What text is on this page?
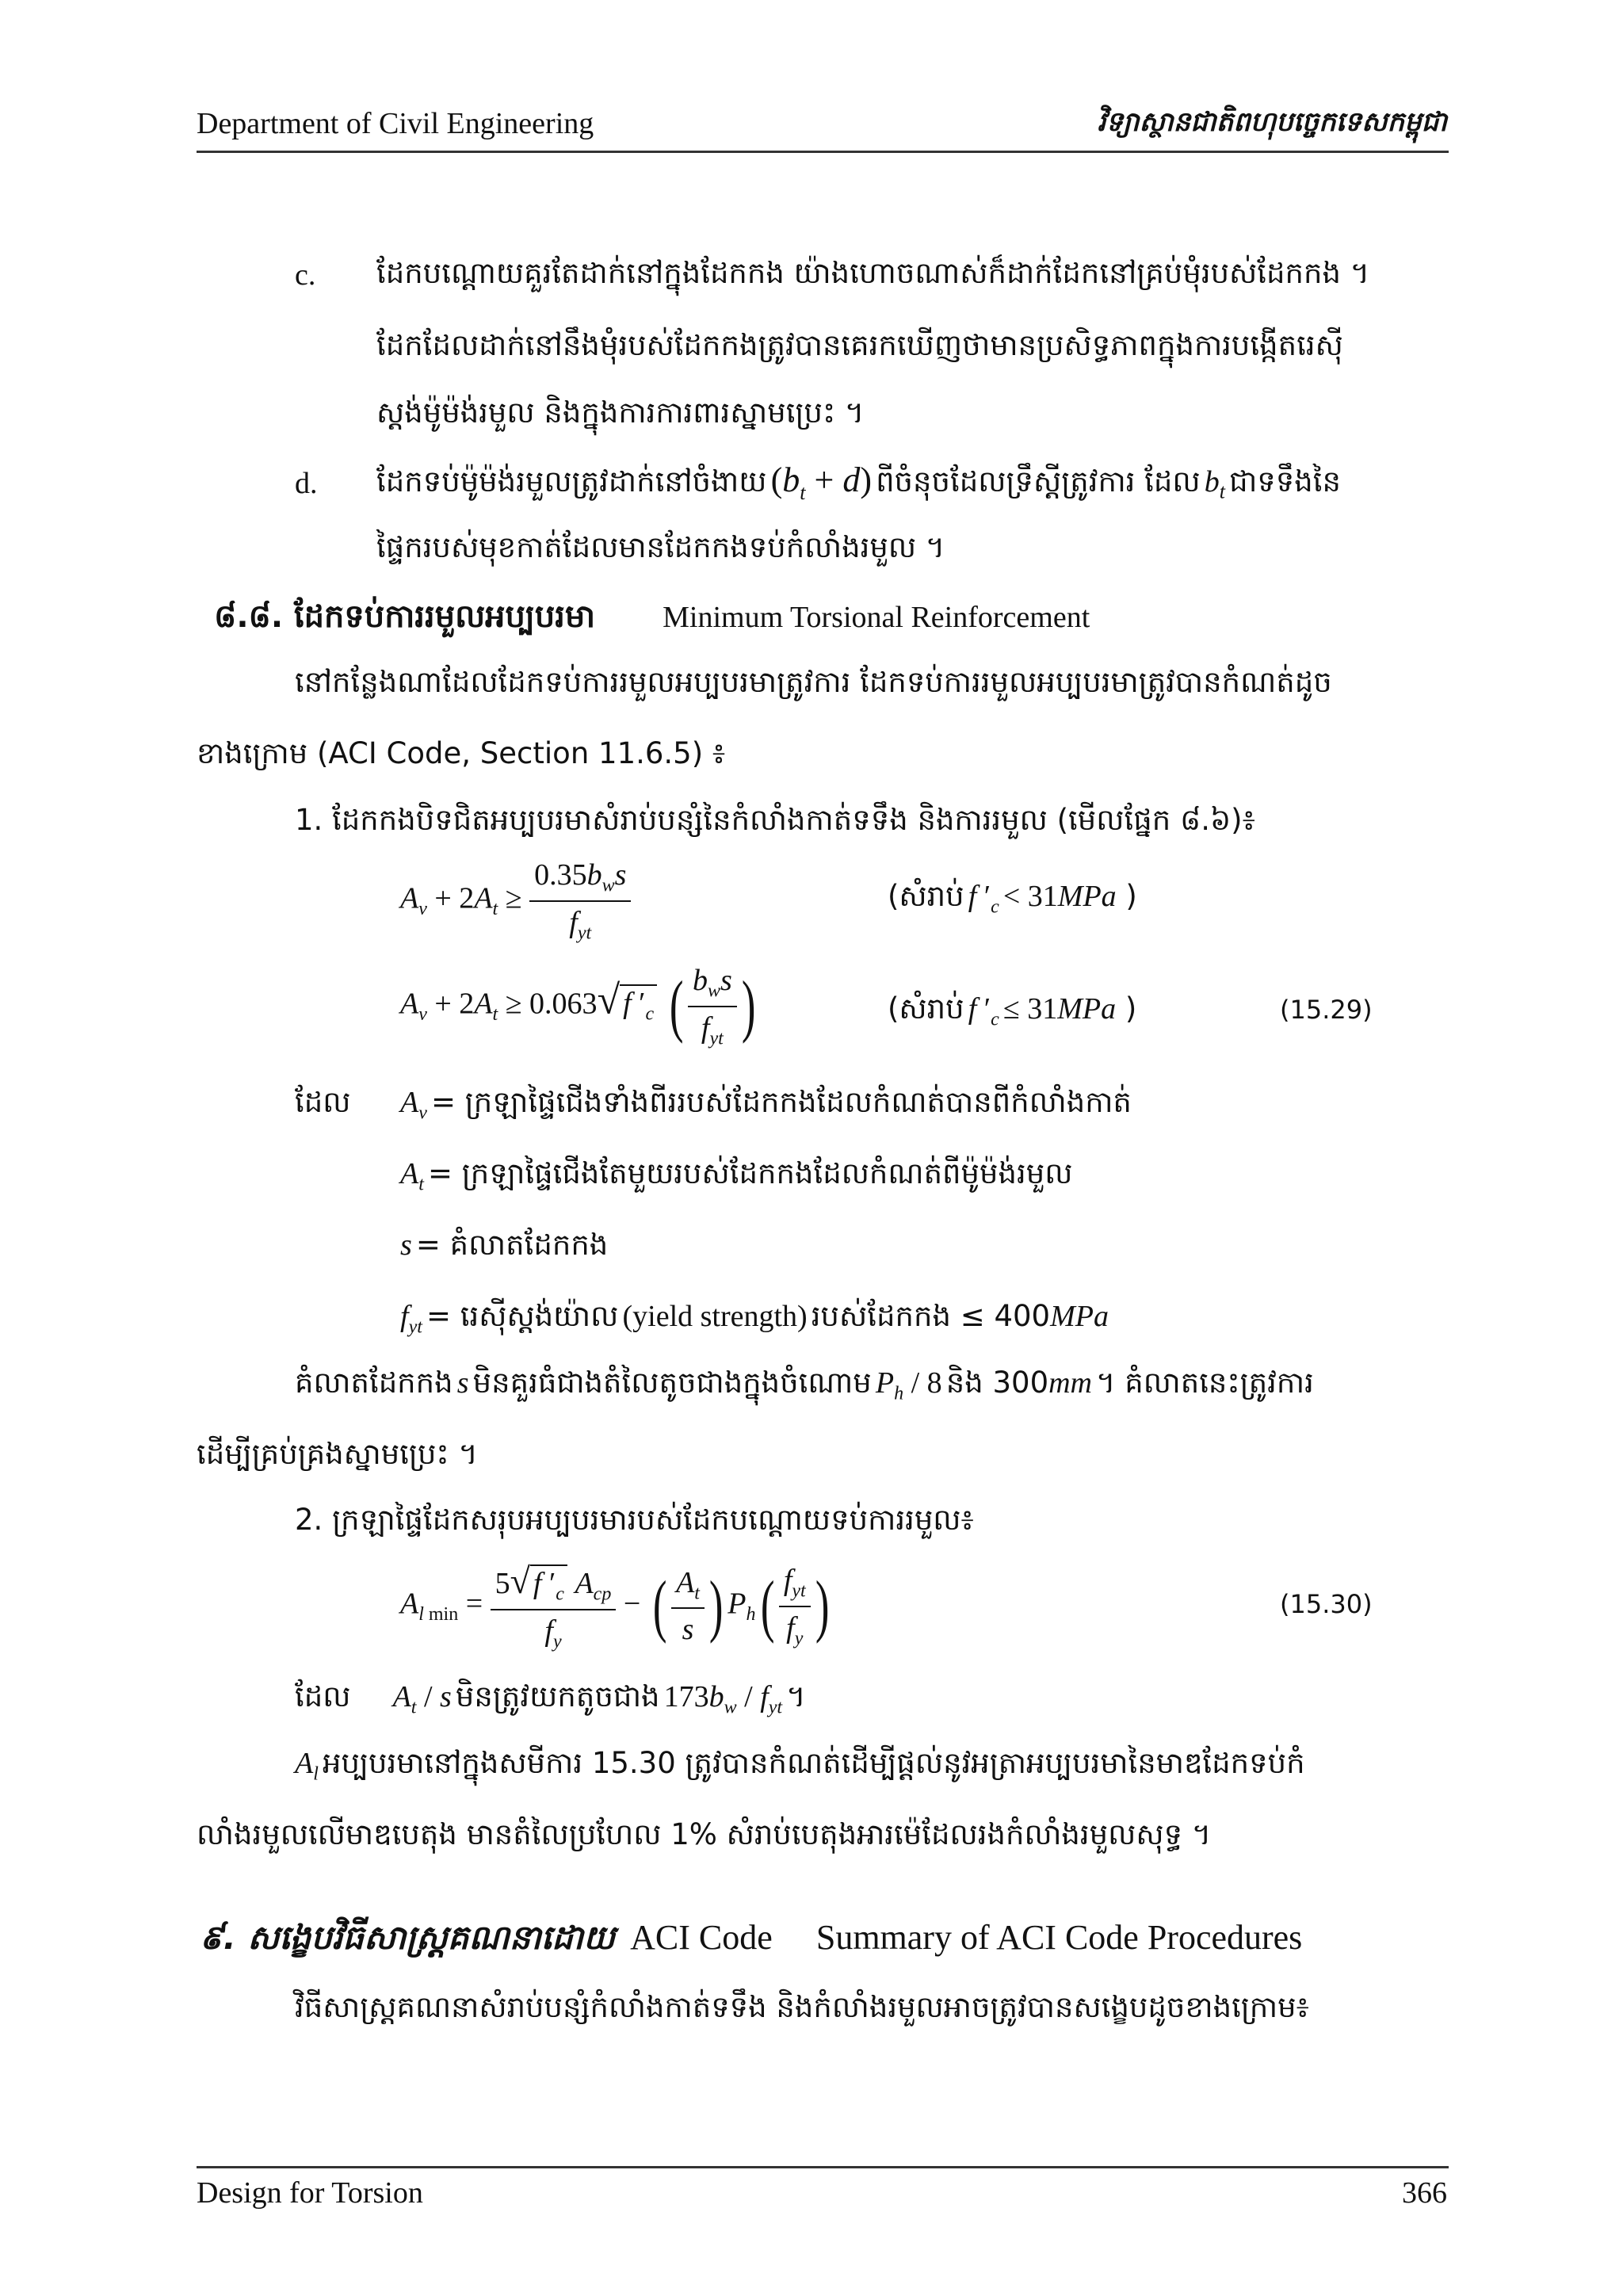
Department of Civil Engineering	វិទ្យាស្ថានជាតិពហុបច្ចេកទេសកម្ពុជា
c. ដែកបណ្ដោយគួរតែដាក់នៅក្នុងដែកកង យ៉ាងហោចណាស់ក៏ដាក់ដែកនៅគ្រប់មុំរបស់ដែកកង ។
ដែកដែលដាក់នៅនឹងមុំរបស់ដែកកងត្រូវបានគេរកឃើញថាមានប្រសិទ្ធភាពក្នុងការបង្កើតរេស៊ី
ស្តង់ម៉ូម៉ង់រមួល និងក្នុងការការពារស្នាមប្រេះ ។
d. ដែកទប់ម៉ូម៉ង់រមួលត្រូវដាក់នៅចំងាយ $(b_t + d)$ ពីចំនុចដែលទ្រឹស្តីត្រូវការ ដែល $b_t$ ជាទទឹងនៃ
ផ្ទៃករបស់មុខកាត់ដែលមានដែកកងទប់កំលាំងរមួល ។
៨.៨. ដែកទប់ការរមួលអប្បបរមា Minimum Torsional Reinforcement
នៅកន្លែងណាដែលដែកទប់ការរមួលអប្បបរមាត្រូវការ ដែកទប់ការរមួលអប្បបរមាត្រូវបានកំណត់ដូច
ខាងក្រោម (ACI Code, Section 11.6.5) ៖
1. ដែកកងបិទជិតអប្បបរមាសំរាប់បន្សំនៃកំលាំងកាត់ទទឹង និងការរមួល (មើលផ្នែក ៨.៦)៖
$A_v + 2A_t \ge \frac{0.35b_ws}{f_{yt}}$	(សំរាប់ f $'_c < 31MPa$ )
$A_v + 2A_t \ge 0.063√$ f $'_c$ ( $\frac{b_ws}{f_{yt}}$ )	(សំរាប់ f $'_c \le 31MPa$ )	(15.29)
ដែល $A_v$ = ក្រឡាផ្ទៃជើងទាំងពីររបស់ដែកកងដែលកំណត់បានពីកំលាំងកាត់
$A_t$ = ក្រឡាផ្ទៃជើងតែមួយរបស់ដែកកងដែលកំណត់ពីម៉ូម៉ង់រមួល
s = គំលាតដែកកង
$f_{yt}$ = រេស៊ីស្តង់យ៉ាល (yield strength) របស់ដែកកង ≤ 400MPa
គំលាតដែកកង s មិនគួរធំជាងតំលៃតូចជាងក្នុងចំណោម $P_h / 8$ និង 300mm ។ គំលាតនេះត្រូវការ
ដើម្បីគ្រប់គ្រងស្នាមប្រេះ ។
2. ក្រឡាផ្ទៃដែកសរុបអប្បបរមារបស់ដែកបណ្ដោយទប់ការរមួល៖
$A_{l min} = \frac{5√ f '_c A_{cp}}{f_y}$ − ( $\frac{A_t}{s}$ ) $P_h( \frac{f_{yt}}{f_y}$ )	(15.30)
ដែល $A_t$ / s មិនត្រូវយកតូចជាង $173b_w / f_{yt}$ ។
$A_l$ អប្បបរមានៅក្នុងសមីការ 15.30 ត្រូវបានកំណត់ដើម្បីផ្ដល់នូវអត្រាអប្បបរមានៃមាឌដែកទប់កំ
លាំងរមួលលើមាឌបេតុង មានតំលៃប្រហែល 1% សំរាប់បេតុងអារម៉េដែលរងកំលាំងរមួលសុទ្ធ ។
៩. សង្ខេបវិធីសាស្ត្រគណនាដោយ ACI Code Summary of ACI Code Procedures
វិធីសាស្ត្រគណនាសំរាប់បន្សំកំលាំងកាត់ទទឹង និងកំលាំងរមួលអាចត្រូវបានសង្ខេបដូចខាងក្រោម៖
Design for Torsion	366
